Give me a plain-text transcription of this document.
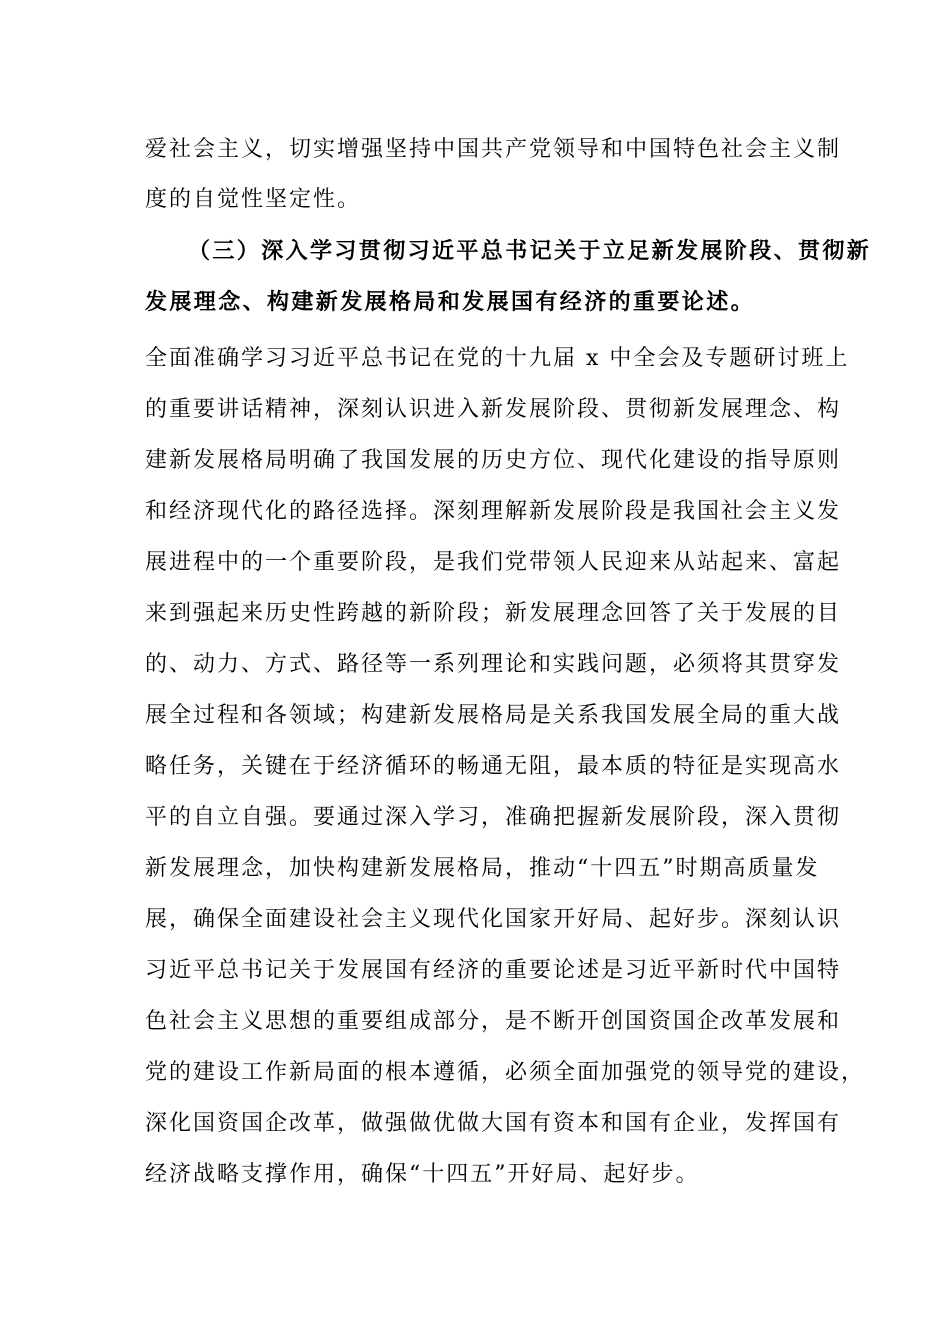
爱社会主义，切实增强坚持中国共产党领导和中国特色社会主义制
度的自觉性坚定性。
（三）深入学习贯彻习近平总书记关于立足新发展阶段、贯彻新
发展理念、构建新发展格局和发展国有经济的重要论述。
全面准确学习习近平总书记在党的十九届 x 中全会及专题研讨班上
的重要讲话精神，深刻认识进入新发展阶段、贯彻新发展理念、构
建新发展格局明确了我国发展的历史方位、现代化建设的指导原则
和经济现代化的路径选择。深刻理解新发展阶段是我国社会主义发
展进程中的一个重要阶段，是我们党带领人民迎来从站起来、富起
来到强起来历史性跨越的新阶段；新发展理念回答了关于发展的目
的、动力、方式、路径等一系列理论和实践问题，必须将其贯穿发
展全过程和各领域；构建新发展格局是关系我国发展全局的重大战
略任务，关键在于经济循环的畅通无阻，最本质的特征是实现高水
平的自立自强。要通过深入学习，准确把握新发展阶段，深入贯彻
新发展理念，加快构建新发展格局，推动“十四五”时期高质量发
展，确保全面建设社会主义现代化国家开好局、起好步。深刻认识
习近平总书记关于发展国有经济的重要论述是习近平新时代中国特
色社会主义思想的重要组成部分，是不断开创国资国企改革发展和
党的建设工作新局面的根本遵循，必须全面加强党的领导党的建设，
深化国资国企改革，做强做优做大国有资本和国有企业，发挥国有
经济战略支撑作用，确保“十四五”开好局、起好步。
